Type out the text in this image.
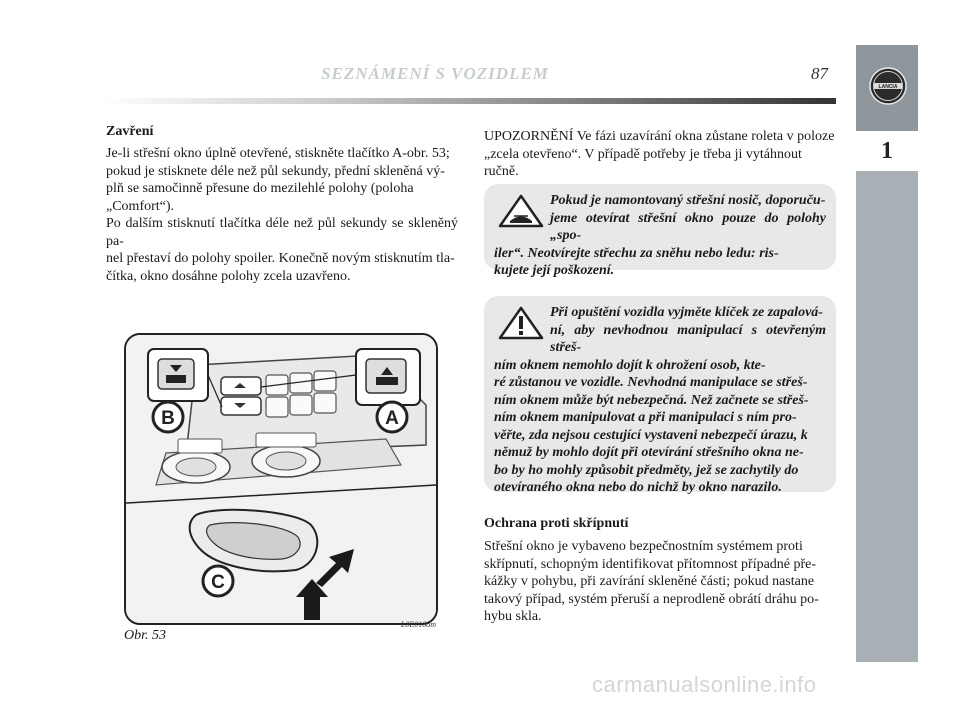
SEZNÁMENÍ S VOZIDLEM	87
LANCIA
1
Zavření
Je-li střešní okno úplně otevřené, stiskněte tlačítko A-obr. 53;
pokud je stisknete déle než půl sekundy, přední skleněná vý-
plň se samočinně přesune do mezilehlé polohy (poloha
„Comfort“).
Po dalším stisknutí tlačítka déle než půl sekundy se skleněný pa-
nel přestaví do polohy spoiler. Konečně novým stisknutím tla-
čítka, okno dosáhne polohy zcela uzavřeno.
B	A
C
Obr. 53
L0E0108m
UPOZORNĚNÍ Ve fázi uzavírání okna zůstane roleta v poloze
„zcela otevřeno“. V případě potřeby je třeba ji vytáhnout ručně.
Pokud je namontovaný střešní nosič, doporuču-
jeme otevírat střešní okno pouze do polohy „spo-
iler“. Neotvírejte střechu za sněhu nebo ledu: ris-
kujete její poškození.
Při opuštění vozidla vyjměte klíček ze zapalová-
ní, aby nevhodnou manipulací s otevřeným střeš-
ním oknem nemohlo dojít k ohrožení osob, kte-
ré zůstanou ve vozidle. Nevhodná manipulace se střeš-
ním oknem může být nebezpečná. Než začnete se střeš-
ním oknem manipulovat a při manipulaci s ním pro-
věřte, zda nejsou cestující vystaveni nebezpečí úrazu, k
němuž by mohlo dojít při otevírání střešního okna ne-
bo by ho mohly způsobit předměty, jež se zachytily do
otevíraného okna nebo do nichž by okno narazilo.
Ochrana proti skřípnutí
Střešní okno je vybaveno bezpečnostním systémem proti
skřípnutí, schopným identifikovat přítomnost případné pře-
kážky v pohybu, při zavírání skleněné části; pokud nastane
takový případ, systém přeruší a neprodleně obrátí dráhu po-
hybu skla.
carmanualsonline.info
